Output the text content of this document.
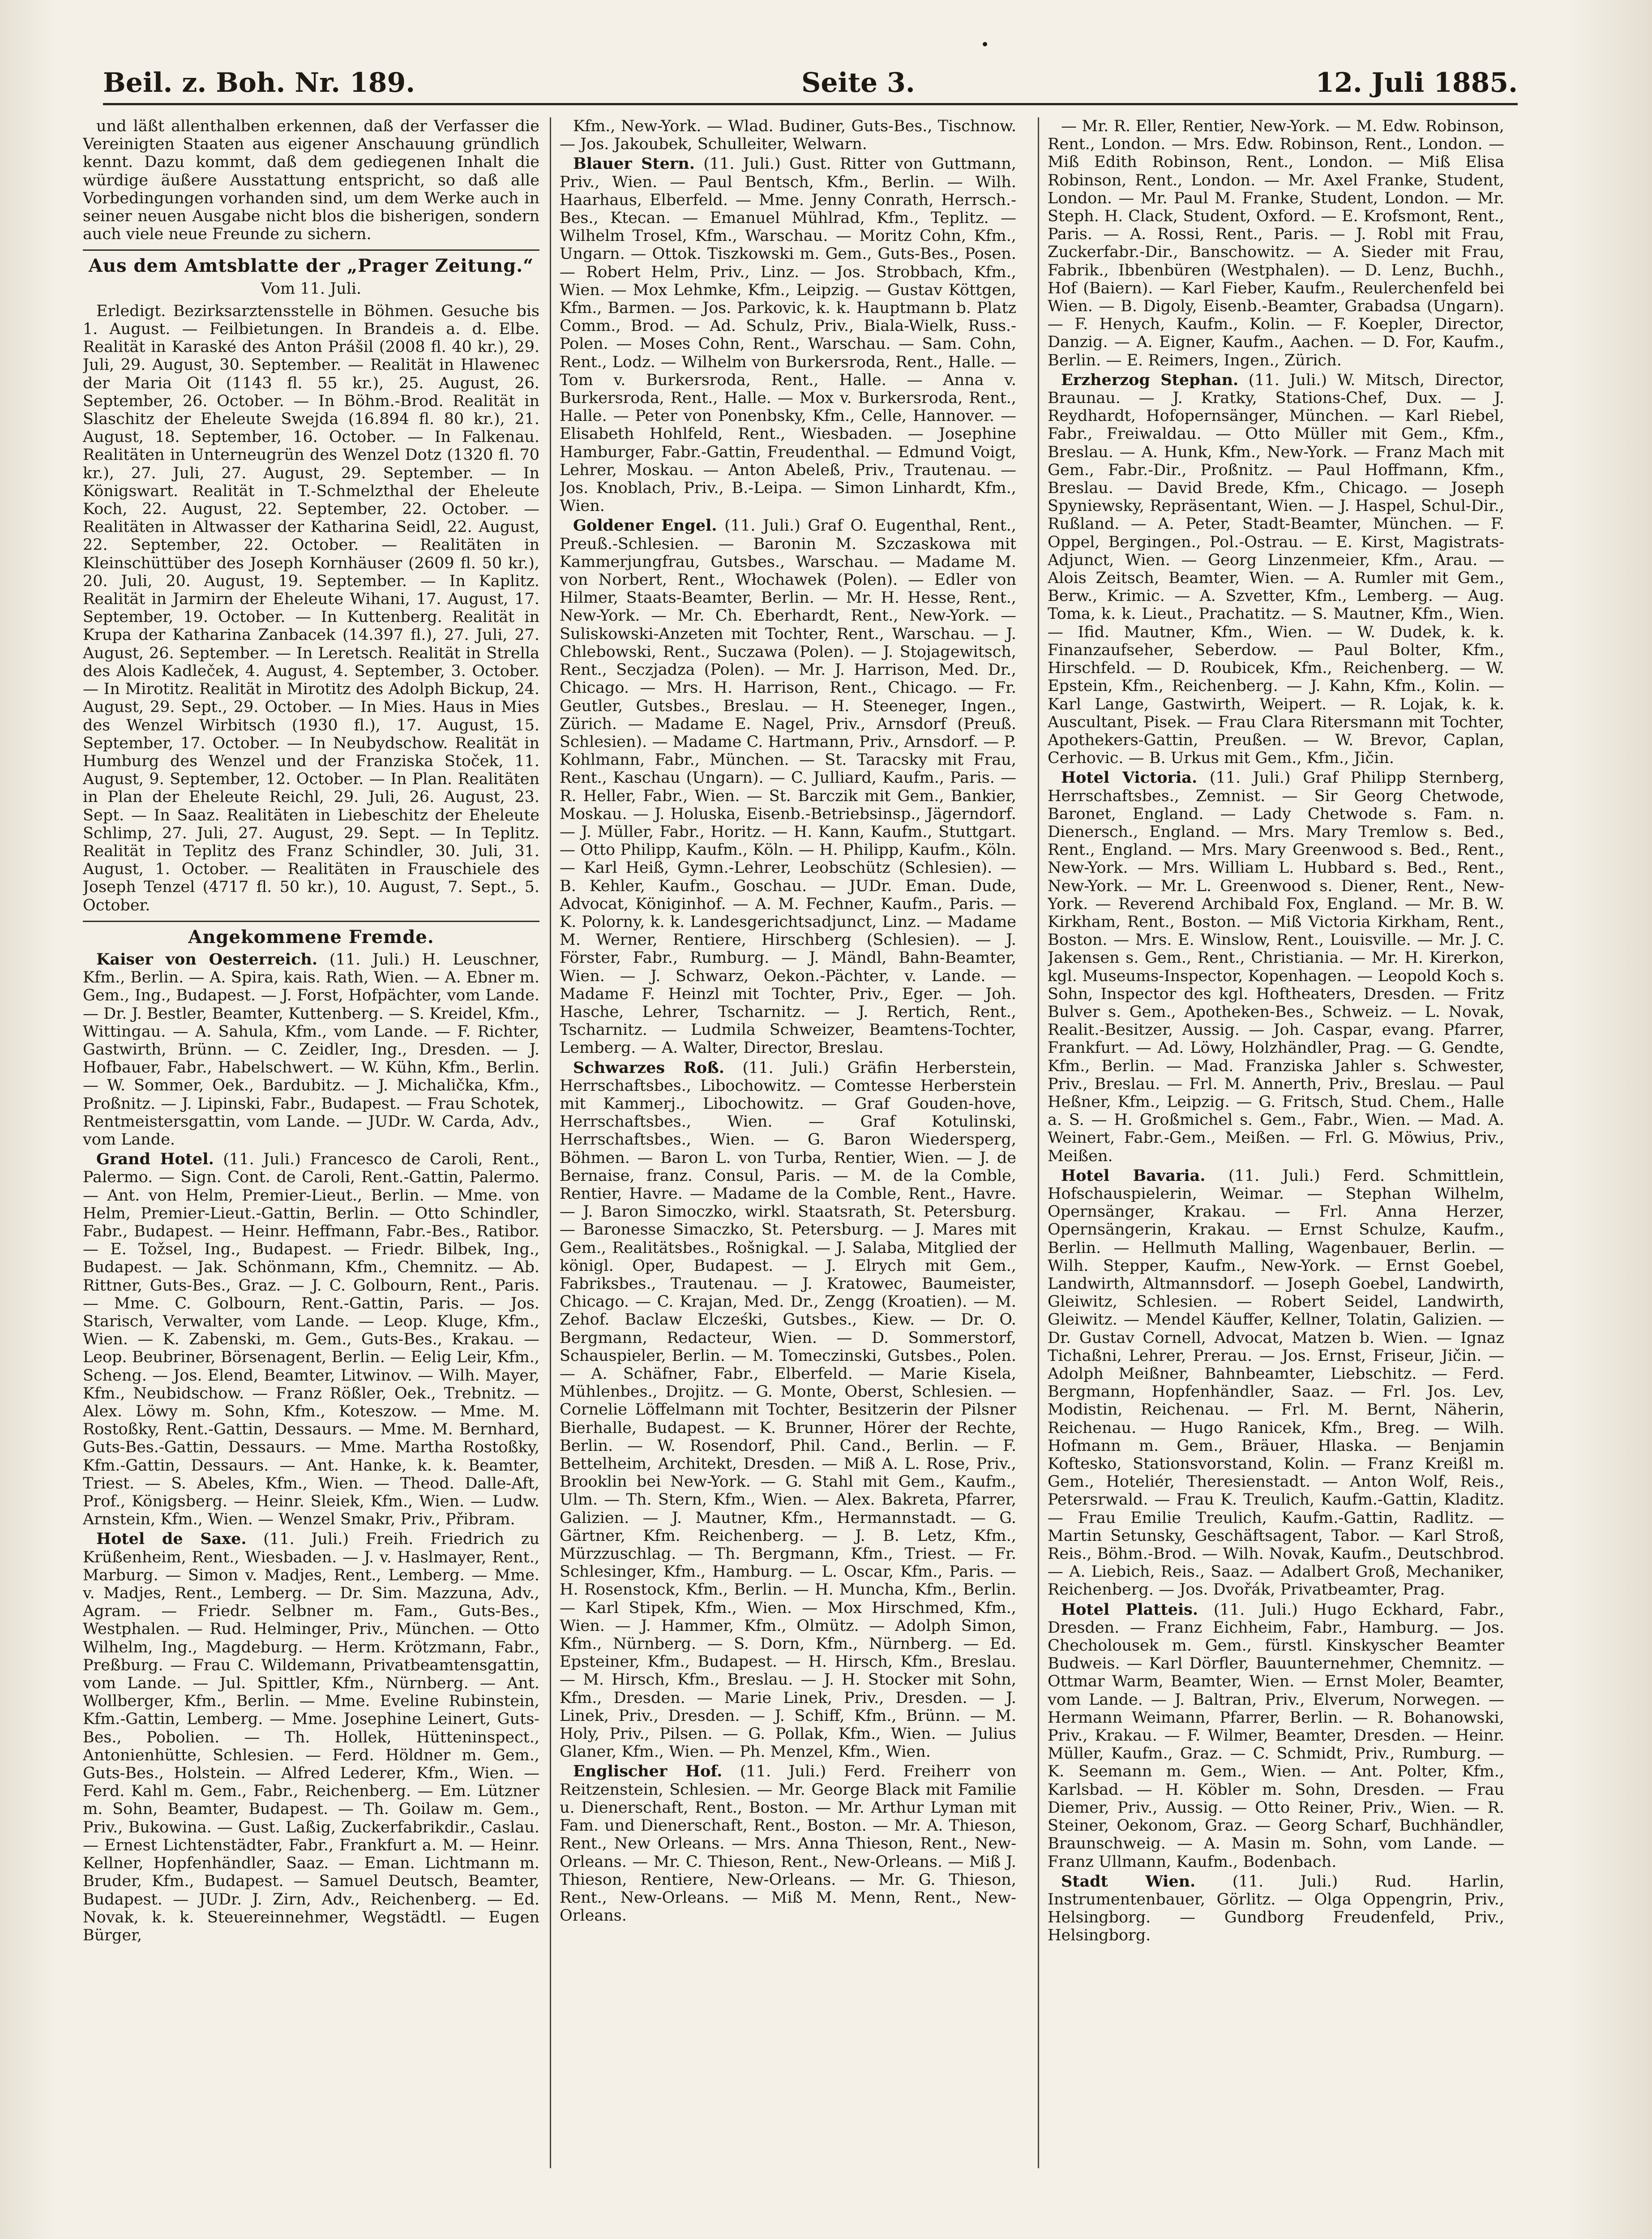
•
Beil. z. Boh. Nr. 189.	Seite 3.	12. Juli 1885.

und läßt allenthalben erkennen, daß der Verfasser die Vereinigten Staaten aus eigener Anschauung gründlich kennt. Dazu kommt, daß dem gediegenen Inhalt die würdige äußere Ausstattung entspricht, so daß alle Vorbedingungen vorhanden sind, um dem Werke auch in seiner neuen Ausgabe nicht blos die bisherigen, sondern auch viele neue Freunde zu sichern.

Aus dem Amtsblatte der „Prager Zeitung.“
Vom 11. Juli.

Erledigt. Bezirksarztensstelle in Böhmen. Gesuche bis 1. August. — Feilbietungen. In Brandeis a. d. Elbe. Realität in Karaské des Anton Prášil (2008 fl. 40 kr.), 29. Juli, 29. August, 30. September. — Realität in Hlawenec der Maria Oit (1143 fl. 55 kr.), 25. August, 26. September, 26. October. — In Böhm.-Brod. Realität in Slaschitz der Eheleute Swejda (16.894 fl. 80 kr.), 21. August, 18. September, 16. October. — In Falkenau. Realitäten in Unterneugrün des Wenzel Dotz (1320 fl. 70 kr.), 27. Juli, 27. August, 29. September. — In Königswart. Realität in T.-Schmelzthal der Eheleute Koch, 22. August, 22. September, 22. October. — Realitäten in Altwasser der Katharina Seidl, 22. August, 22. September, 22. October. — Realitäten in Kleinschüttüber des Joseph Kornhäuser (2609 fl. 50 kr.), 20. Juli, 20. August, 19. September. — In Kaplitz. Realität in Jarmirn der Eheleute Wihani, 17. August, 17. September, 19. October. — In Kuttenberg. Realität in Krupa der Katharina Zanbacek (14.397 fl.), 27. Juli, 27. August, 26. September. — In Leretsch. Realität in Strella des Alois Kadleček, 4. August, 4. September, 3. October. — In Mirotitz. Realität in Mirotitz des Adolph Bickup, 24. August, 29. Sept., 29. October. — In Mies. Haus in Mies des Wenzel Wirbitsch (1930 fl.), 17. August, 15. September, 17. October. — In Neubydschow. Realität in Humburg des Wenzel und der Franziska Stoček, 11. August, 9. September, 12. October. — In Plan. Realitäten in Plan der Eheleute Reichl, 29. Juli, 26. August, 23. Sept. — In Saaz. Realitäten in Liebeschitz der Eheleute Schlimp, 27. Juli, 27. August, 29. Sept. — In Teplitz. Realität in Teplitz des Franz Schindler, 30. Juli, 31. August, 1. October. — Realitäten in Frauschiele des Joseph Tenzel (4717 fl. 50 kr.), 10. August, 7. Sept., 5. October.

Angekommene Fremde.

Kaiser von Oesterreich. (11. Juli.) H. Leuschner, Kfm., Berlin. — A. Spira, kais. Rath, Wien. — A. Ebner m. Gem., Ing., Budapest. — J. Forst, Hofpächter, vom Lande. — Dr. J. Bestler, Beamter, Kuttenberg. — S. Kreidel, Kfm., Wittingau. — A. Sahula, Kfm., vom Lande. — F. Richter, Gastwirth, Brünn. — C. Zeidler, Ing., Dresden. — J. Hofbauer, Fabr., Habelschwert. — W. Kühn, Kfm., Berlin. — W. Sommer, Oek., Bardubitz. — J. Michalička, Kfm., Proßnitz. — J. Lipinski, Fabr., Budapest. — Frau Schotek, Rentmeistersgattin, vom Lande. — JUDr. W. Carda, Adv., vom Lande.

Grand Hotel. (11. Juli.) Francesco de Caroli, Rent., Palermo. — Sign. Cont. de Caroli, Rent.-Gattin, Palermo. — Ant. von Helm, Premier-Lieut., Berlin. — Mme. von Helm, Premier-Lieut.-Gattin, Berlin. — Otto Schindler, Fabr., Budapest. — Heinr. Heffmann, Fabr.-Bes., Ratibor. — E. Tožsel, Ing., Budapest. — Friedr. Bilbek, Ing., Budapest. — Jak. Schönmann, Kfm., Chemnitz. — Ab. Rittner, Guts-Bes., Graz. — J. C. Golbourn, Rent., Paris. — Mme. C. Golbourn, Rent.-Gattin, Paris. — Jos. Starisch, Verwalter, vom Lande. — Leop. Kluge, Kfm., Wien. — K. Zabenski, m. Gem., Guts-Bes., Krakau. — Leop. Beubriner, Börsenagent, Berlin. — Eelig Leir, Kfm., Scheng. — Jos. Elend, Beamter, Litwinov. — Wilh. Mayer, Kfm., Neubidschow. — Franz Rößler, Oek., Trebnitz. — Alex. Löwy m. Sohn, Kfm., Koteszow. — Mme. M. Rostoßky, Rent.-Gattin, Dessaurs. — Mme. M. Bernhard, Guts-Bes.-Gattin, Dessaurs. — Mme. Martha Rostoßky, Kfm.-Gattin, Dessaurs. — Ant. Hanke, k. k. Beamter, Triest. — S. Abeles, Kfm., Wien. — Theod. Dalle-Aft, Prof., Königsberg. — Heinr. Sleiek, Kfm., Wien. — Ludw. Arnstein, Kfm., Wien. — Wenzel Smakr, Priv., Přibram.

Hotel de Saxe. (11. Juli.) Freih. Friedrich zu Krüßenheim, Rent., Wiesbaden. — J. v. Haslmayer, Rent., Marburg. — Simon v. Madjes, Rent., Lemberg. — Mme. v. Madjes, Rent., Lemberg. — Dr. Sim. Mazzuna, Adv., Agram. — Friedr. Selbner m. Fam., Guts-Bes., Westphalen. — Rud. Helminger, Priv., München. — Otto Wilhelm, Ing., Magdeburg. — Herm. Krötzmann, Fabr., Preßburg. — Frau C. Wildemann, Privatbeamtensgattin, vom Lande. — Jul. Spittler, Kfm., Nürnberg. — Ant. Wollberger, Kfm., Berlin. — Mme. Eveline Rubinstein, Kfm.-Gattin, Lemberg. — Mme. Josephine Leinert, Guts-Bes., Pobolien. — Th. Hollek, Hütteninspect., Antonienhütte, Schlesien. — Ferd. Höldner m. Gem., Guts-Bes., Holstein. — Alfred Lederer, Kfm., Wien. — Ferd. Kahl m. Gem., Fabr., Reichenberg. — Em. Lützner m. Sohn, Beamter, Budapest. — Th. Goilaw m. Gem., Priv., Bukowina. — Gust. Laßig, Zuckerfabrikdir., Caslau. — Ernest Lichtenstädter, Fabr., Frankfurt a. M. — Heinr. Kellner, Hopfenhändler, Saaz. — Eman. Lichtmann m. Bruder, Kfm., Budapest. — Samuel Deutsch, Beamter, Budapest. — JUDr. J. Zirn, Adv., Reichenberg. — Ed. Novak, k. k. Steuereinnehmer, Wegstädtl. — Eugen Bürger,

Kfm., New-York. — Wlad. Budiner, Guts-Bes., Tischnow. — Jos. Jakoubek, Schulleiter, Welwarn.

Blauer Stern. (11. Juli.) Gust. Ritter von Guttmann, Priv., Wien. — Paul Bentsch, Kfm., Berlin. — Wilh. Haarhaus, Elberfeld. — Mme. Jenny Conrath, Herrsch.-Bes., Ktecan. — Emanuel Mühlrad, Kfm., Teplitz. — Wilhelm Trosel, Kfm., Warschau. — Moritz Cohn, Kfm., Ungarn. — Ottok. Tiszkowski m. Gem., Guts-Bes., Posen. — Robert Helm, Priv., Linz. — Jos. Strobbach, Kfm., Wien. — Mox Lehmke, Kfm., Leipzig. — Gustav Köttgen, Kfm., Barmen. — Jos. Parkovic, k. k. Hauptmann b. Platz Comm., Brod. — Ad. Schulz, Priv., Biala-Wielk, Russ.-Polen. — Moses Cohn, Rent., Warschau. — Sam. Cohn, Rent., Lodz. — Wilhelm von Burkersroda, Rent., Halle. — Tom v. Burkersroda, Rent., Halle. — Anna v. Burkersroda, Rent., Halle. — Mox v. Burkersroda, Rent., Halle. — Peter von Ponenbsky, Kfm., Celle, Hannover. — Elisabeth Hohlfeld, Rent., Wiesbaden. — Josephine Hamburger, Fabr.-Gattin, Freudenthal. — Edmund Voigt, Lehrer, Moskau. — Anton Abeleß, Priv., Trautenau. — Jos. Knoblach, Priv., B.-Leipa. — Simon Linhardt, Kfm., Wien.

Goldener Engel. (11. Juli.) Graf O. Eugenthal, Rent., Preuß.-Schlesien. — Baronin M. Szczaskowa mit Kammerjungfrau, Gutsbes., Warschau. — Madame M. von Norbert, Rent., Włochawek (Polen). — Edler von Hilmer, Staats-Beamter, Berlin. — Mr. H. Hesse, Rent., New-York. — Mr. Ch. Eberhardt, Rent., New-York. — Suliskowski-Anzeten mit Tochter, Rent., Warschau. — J. Chlebowski, Rent., Suczawa (Polen). — J. Stojagewitsch, Rent., Seczjadza (Polen). — Mr. J. Harrison, Med. Dr., Chicago. — Mrs. H. Harrison, Rent., Chicago. — Fr. Geutler, Gutsbes., Breslau. — H. Steeneger, Ingen., Zürich. — Madame E. Nagel, Priv., Arnsdorf (Preuß. Schlesien). — Madame C. Hartmann, Priv., Arnsdorf. — P. Kohlmann, Fabr., München. — St. Taracsky mit Frau, Rent., Kaschau (Ungarn). — C. Julliard, Kaufm., Paris. — R. Heller, Fabr., Wien. — St. Barczik mit Gem., Bankier, Moskau. — J. Holuska, Eisenb.-Betriebsinsp., Jägerndorf. — J. Müller, Fabr., Horitz. — H. Kann, Kaufm., Stuttgart. — Otto Philipp, Kaufm., Köln. — H. Philipp, Kaufm., Köln. — Karl Heiß, Gymn.-Lehrer, Leobschütz (Schlesien). — B. Kehler, Kaufm., Goschau. — JUDr. Eman. Dude, Advocat, Königinhof. — A. M. Fechner, Kaufm., Paris. — K. Polorny, k. k. Landesgerichtsadjunct, Linz. — Madame M. Werner, Rentiere, Hirschberg (Schlesien). — J. Förster, Fabr., Rumburg. — J. Mändl, Bahn-Beamter, Wien. — J. Schwarz, Oekon.-Pächter, v. Lande. — Madame F. Heinzl mit Tochter, Priv., Eger. — Joh. Hasche, Lehrer, Tscharnitz. — J. Rertich, Rent., Tscharnitz. — Ludmila Schweizer, Beamtens-Tochter, Lemberg. — A. Walter, Director, Breslau.

Schwarzes Roß. (11. Juli.) Gräfin Herberstein, Herrschaftsbes., Libochowitz. — Comtesse Herberstein mit Kammerj., Libochowitz. — Graf Gouden-hove, Herrschaftsbes., Wien. — Graf Kotulinski, Herrschaftsbes., Wien. — G. Baron Wiedersperg, Böhmen. — Baron L. von Turba, Rentier, Wien. — J. de Bernaise, franz. Consul, Paris. — M. de la Comble, Rentier, Havre. — Madame de la Comble, Rent., Havre. — J. Baron Simoczko, wirkl. Staatsrath, St. Petersburg. — Baronesse Simaczko, St. Petersburg. — J. Mares mit Gem., Realitätsbes., Rošnigkal. — J. Salaba, Mitglied der königl. Oper, Budapest. — J. Elrych mit Gem., Fabriksbes., Trautenau. — J. Kratowec, Baumeister, Chicago. — C. Krajan, Med. Dr., Zengg (Kroatien). — M. Zehof. Baclaw Elcześki, Gutsbes., Kiew. — Dr. O. Bergmann, Redacteur, Wien. — D. Sommerstorf, Schauspieler, Berlin. — M. Tomeczinski, Gutsbes., Polen. — A. Schäfner, Fabr., Elberfeld. — Marie Kisela, Mühlenbes., Drojitz. — G. Monte, Oberst, Schlesien. — Cornelie Löffelmann mit Tochter, Besitzerin der Pilsner Bierhalle, Budapest. — K. Brunner, Hörer der Rechte, Berlin. — W. Rosendorf, Phil. Cand., Berlin. — F. Bettelheim, Architekt, Dresden. — Miß A. L. Rose, Priv., Brooklin bei New-York. — G. Stahl mit Gem., Kaufm., Ulm. — Th. Stern, Kfm., Wien. — Alex. Bakreta, Pfarrer, Galizien. — J. Mautner, Kfm., Hermannstadt. — G. Gärtner, Kfm. Reichenberg. — J. B. Letz, Kfm., Mürzzuschlag. — Th. Bergmann, Kfm., Triest. — Fr. Schlesinger, Kfm., Hamburg. — L. Oscar, Kfm., Paris. — H. Rosenstock, Kfm., Berlin. — H. Muncha, Kfm., Berlin. — Karl Stipek, Kfm., Wien. — Mox Hirschmed, Kfm., Wien. — J. Hammer, Kfm., Olmütz. — Adolph Simon, Kfm., Nürnberg. — S. Dorn, Kfm., Nürnberg. — Ed. Epsteiner, Kfm., Budapest. — H. Hirsch, Kfm., Breslau. — M. Hirsch, Kfm., Breslau. — J. H. Stocker mit Sohn, Kfm., Dresden. — Marie Linek, Priv., Dresden. — J. Linek, Priv., Dresden. — J. Schiff, Kfm., Brünn. — M. Holy, Priv., Pilsen. — G. Pollak, Kfm., Wien. — Julius Glaner, Kfm., Wien. — Ph. Menzel, Kfm., Wien.

Englischer Hof. (11. Juli.) Ferd. Freiherr von Reitzenstein, Schlesien. — Mr. George Black mit Familie u. Dienerschaft, Rent., Boston. — Mr. Arthur Lyman mit Fam. und Dienerschaft, Rent., Boston. — Mr. A. Thieson, Rent., New Orleans. — Mrs. Anna Thieson, Rent., New-Orleans. — Mr. C. Thieson, Rent., New-Orleans. — Miß J. Thieson, Rentiere, New-Orleans. — Mr. G. Thieson, Rent., New-Orleans. — Miß M. Menn, Rent., New-Orleans.

— Mr. R. Eller, Rentier, New-York. — M. Edw. Robinson, Rent., London. — Mrs. Edw. Robinson, Rent., London. — Miß Edith Robinson, Rent., London. — Miß Elisa Robinson, Rent., London. — Mr. Axel Franke, Student, London. — Mr. Paul M. Franke, Student, London. — Mr. Steph. H. Clack, Student, Oxford. — E. Krofsmont, Rent., Paris. — A. Rossi, Rent., Paris. — J. Robl mit Frau, Zuckerfabr.-Dir., Banschowitz. — A. Sieder mit Frau, Fabrik., Ibbenbüren (Westphalen). — D. Lenz, Buchh., Hof (Baiern). — Karl Fieber, Kaufm., Reulerchenfeld bei Wien. — B. Digoly, Eisenb.-Beamter, Grabadsa (Ungarn). — F. Henych, Kaufm., Kolin. — F. Koepler, Director, Danzig. — A. Eigner, Kaufm., Aachen. — D. For, Kaufm., Berlin. — E. Reimers, Ingen., Zürich.

Erzherzog Stephan. (11. Juli.) W. Mitsch, Director, Braunau. — J. Kratky, Stations-Chef, Dux. — J. Reydhardt, Hofopernsänger, München. — Karl Riebel, Fabr., Freiwaldau. — Otto Müller mit Gem., Kfm., Breslau. — A. Hunk, Kfm., New-York. — Franz Mach mit Gem., Fabr.-Dir., Proßnitz. — Paul Hoffmann, Kfm., Breslau. — David Brede, Kfm., Chicago. — Joseph Spyniewsky, Repräsentant, Wien. — J. Haspel, Schul-Dir., Rußland. — A. Peter, Stadt-Beamter, München. — F. Oppel, Bergingen., Pol.-Ostrau. — E. Kirst, Magistrats-Adjunct, Wien. — Georg Linzenmeier, Kfm., Arau. — Alois Zeitsch, Beamter, Wien. — A. Rumler mit Gem., Berw., Krimic. — A. Szvetter, Kfm., Lemberg. — Aug. Toma, k. k. Lieut., Prachatitz. — S. Mautner, Kfm., Wien. — Ifid. Mautner, Kfm., Wien. — W. Dudek, k. k. Finanzaufseher, Seberdow. — Paul Bolter, Kfm., Hirschfeld. — D. Roubicek, Kfm., Reichenberg. — W. Epstein, Kfm., Reichenberg. — J. Kahn, Kfm., Kolin. — Karl Lange, Gastwirth, Weipert. — R. Lojak, k. k. Auscultant, Pisek. — Frau Clara Ritersmann mit Tochter, Apothekers-Gattin, Preußen. — W. Brevor, Caplan, Cerhovic. — B. Urkus mit Gem., Kfm., Jičin.

Hotel Victoria. (11. Juli.) Graf Philipp Sternberg, Herrschaftsbes., Zemnist. — Sir Georg Chetwode, Baronet, England. — Lady Chetwode s. Fam. n. Dienersch., England. — Mrs. Mary Tremlow s. Bed., Rent., England. — Mrs. Mary Greenwood s. Bed., Rent., New-York. — Mrs. William L. Hubbard s. Bed., Rent., New-York. — Mr. L. Greenwood s. Diener, Rent., New-York. — Reverend Archibald Fox, England. — Mr. B. W. Kirkham, Rent., Boston. — Miß Victoria Kirkham, Rent., Boston. — Mrs. E. Winslow, Rent., Louisville. — Mr. J. C. Jakensen s. Gem., Rent., Christiania. — Mr. H. Kirerkon, kgl. Museums-Inspector, Kopenhagen. — Leopold Koch s. Sohn, Inspector des kgl. Hoftheaters, Dresden. — Fritz Bulver s. Gem., Apotheken-Bes., Schweiz. — L. Novak, Realit.-Besitzer, Aussig. — Joh. Caspar, evang. Pfarrer, Frankfurt. — Ad. Löwy, Holzhändler, Prag. — G. Gendte, Kfm., Berlin. — Mad. Franziska Jahler s. Schwester, Priv., Breslau. — Frl. M. Annerth, Priv., Breslau. — Paul Heßner, Kfm., Leipzig. — G. Fritsch, Stud. Chem., Halle a. S. — H. Großmichel s. Gem., Fabr., Wien. — Mad. A. Weinert, Fabr.-Gem., Meißen. — Frl. G. Möwius, Priv., Meißen.

Hotel Bavaria. (11. Juli.) Ferd. Schmittlein, Hofschauspielerin, Weimar. — Stephan Wilhelm, Opernsänger, Krakau. — Frl. Anna Herzer, Opernsängerin, Krakau. — Ernst Schulze, Kaufm., Berlin. — Hellmuth Malling, Wagenbauer, Berlin. — Wilh. Stepper, Kaufm., New-York. — Ernst Goebel, Landwirth, Altmannsdorf. — Joseph Goebel, Landwirth, Gleiwitz, Schlesien. — Robert Seidel, Landwirth, Gleiwitz. — Mendel Käuffer, Kellner, Tolatin, Galizien. — Dr. Gustav Cornell, Advocat, Matzen b. Wien. — Ignaz Tichaßni, Lehrer, Prerau. — Jos. Ernst, Friseur, Jičin. — Adolph Meißner, Bahnbeamter, Liebschitz. — Ferd. Bergmann, Hopfenhändler, Saaz. — Frl. Jos. Lev, Modistin, Reichenau. — Frl. M. Bernt, Näherin, Reichenau. — Hugo Ranicek, Kfm., Breg. — Wilh. Hofmann m. Gem., Bräuer, Hlaska. — Benjamin Koftesko, Stationsvorstand, Kolin. — Franz Kreißl m. Gem., Hoteliér, Theresienstadt. — Anton Wolf, Reis., Petersrwald. — Frau K. Treulich, Kaufm.-Gattin, Kladitz. — Frau Emilie Treulich, Kaufm.-Gattin, Radlitz. — Martin Setunsky, Geschäftsagent, Tabor. — Karl Stroß, Reis., Böhm.-Brod. — Wilh. Novak, Kaufm., Deutschbrod. — A. Liebich, Reis., Saaz. — Adalbert Groß, Mechaniker, Reichenberg. — Jos. Dvořák, Privatbeamter, Prag.

Hotel Platteis. (11. Juli.) Hugo Eckhard, Fabr., Dresden. — Franz Eichheim, Fabr., Hamburg. — Jos. Checholousek m. Gem., fürstl. Kinskyscher Beamter Budweis. — Karl Dörfler, Bauunternehmer, Chemnitz. — Ottmar Warm, Beamter, Wien. — Ernst Moler, Beamter, vom Lande. — J. Baltran, Priv., Elverum, Norwegen. — Hermann Weimann, Pfarrer, Berlin. — R. Bohanowski, Priv., Krakau. — F. Wilmer, Beamter, Dresden. — Heinr. Müller, Kaufm., Graz. — C. Schmidt, Priv., Rumburg. — K. Seemann m. Gem., Wien. — Ant. Polter, Kfm., Karlsbad. — H. Köbler m. Sohn, Dresden. — Frau Diemer, Priv., Aussig. — Otto Reiner, Priv., Wien. — R. Steiner, Oekonom, Graz. — Georg Scharf, Buchhändler, Braunschweig. — A. Masin m. Sohn, vom Lande. — Franz Ullmann, Kaufm., Bodenbach.

Stadt Wien. (11. Juli.) Rud. Harlin, Instrumentenbauer, Görlitz. — Olga Oppengrin, Priv., Helsingborg. — Gundborg Freudenfeld, Priv., Helsingborg.
